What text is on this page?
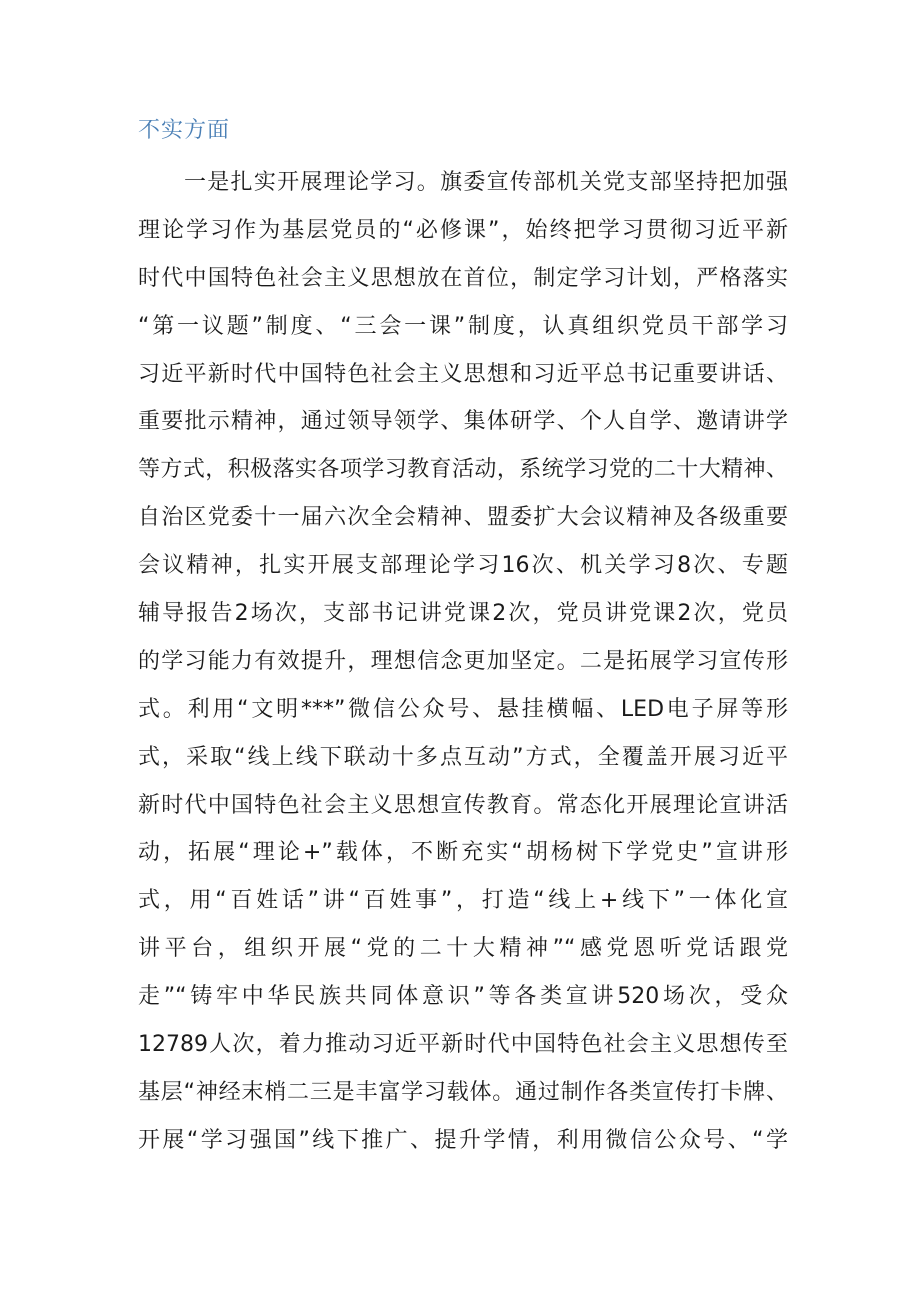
不实方面
一是扎实开展理论学习。旗委宣传部机关党支部坚持把加强
理论学习作为基层党员的“必修课”，始终把学习贯彻习近平新
时代中国特色社会主义思想放在首位，制定学习计划，严格落实
“第一议题”制度、“三会一课”制度，认真组织党员干部学习
习近平新时代中国特色社会主义思想和习近平总书记重要讲话、
重要批示精神，通过领导领学、集体研学、个人自学、邀请讲学
等方式，积极落实各项学习教育活动，系统学习党的二十大精神、
自治区党委十一届六次全会精神、盟委扩大会议精神及各级重要
会议精神，扎实开展支部理论学习16次、机关学习8次、专题
辅导报告2场次，支部书记讲党课2次，党员讲党课2次，党员
的学习能力有效提升，理想信念更加坚定。二是拓展学习宣传形
式。利用“文明***”微信公众号、悬挂横幅、LED电子屏等形
式，采取“线上线下联动十多点互动”方式，全覆盖开展习近平
新时代中国特色社会主义思想宣传教育。常态化开展理论宣讲活
动，拓展“理论+”载体，不断充实“胡杨树下学党史”宣讲形
式，用“百姓话”讲“百姓事”，打造“线上+线下”一体化宣
讲平台，组织开展“党的二十大精神”“感党恩听党话跟党
走”“铸牢中华民族共同体意识”等各类宣讲520场次，受众
12789人次，着力推动习近平新时代中国特色社会主义思想传至
基层“神经末梢二三是丰富学习载体。通过制作各类宣传打卡牌、
开展“学习强国”线下推广、提升学情，利用微信公众号、“学
